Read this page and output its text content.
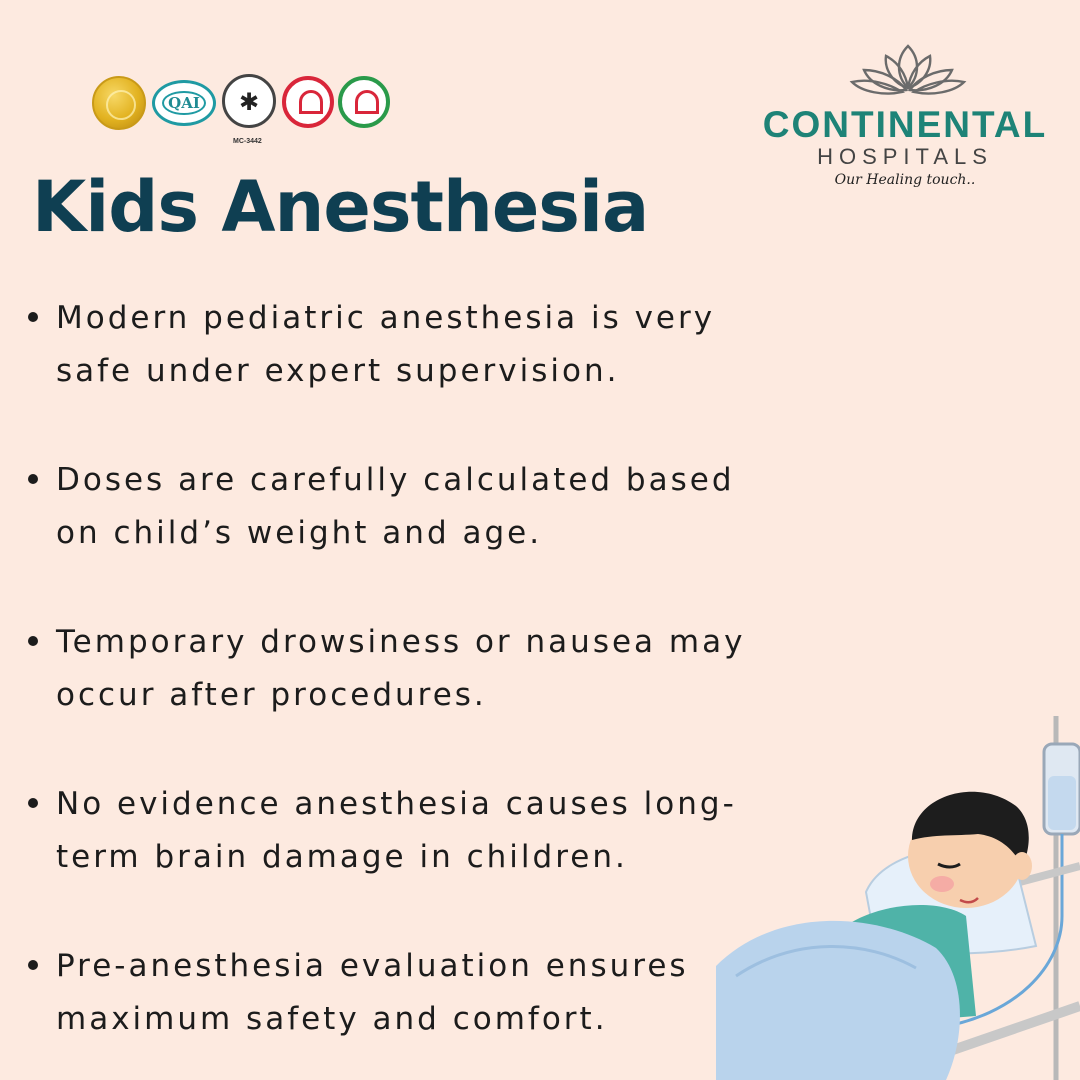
QAI
✱
MC-3442	CONTINENTAL
HOSPITALS
Our Healing touch..
Kids Anesthesia

Modern pediatric anesthesia is very safe under expert supervision.

Doses are carefully calculated based on child’s weight and age.

Temporary drowsiness or nausea may occur after procedures.

No evidence anesthesia causes long-term brain damage in children.

Pre-anesthesia evaluation ensures maximum safety and comfort.
